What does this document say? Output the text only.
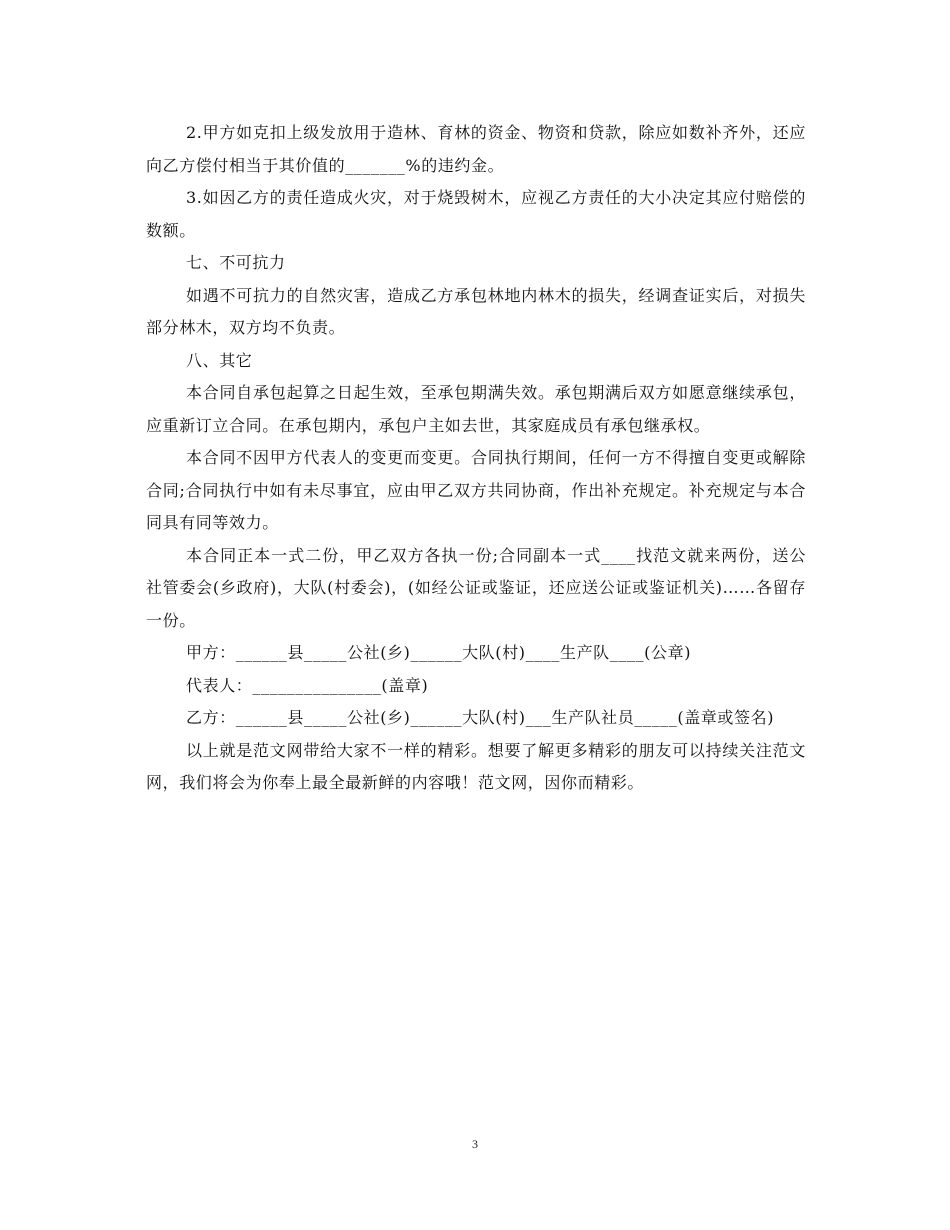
2.甲方如克扣上级发放用于造林、育林的资金、物资和贷款，除应如数补齐外，还应向乙方偿付相当于其价值的_______%的违约金。

3.如因乙方的责任造成火灾，对于烧毁树木，应视乙方责任的大小决定其应付赔偿的数额。

七、不可抗力

如遇不可抗力的自然灾害，造成乙方承包林地内林木的损失，经调查证实后，对损失部分林木，双方均不负责。

八、其它

本合同自承包起算之日起生效，至承包期满失效。承包期满后双方如愿意继续承包，应重新订立合同。在承包期内，承包户主如去世，其家庭成员有承包继承权。

本合同不因甲方代表人的变更而变更。合同执行期间，任何一方不得擅自变更或解除合同;合同执行中如有未尽事宜，应由甲乙双方共同协商，作出补充规定。补充规定与本合同具有同等效力。

本合同正本一式二份，甲乙双方各执一份;合同副本一式____找范文就来两份，送公社管委会(乡政府)，大队(村委会)，(如经公证或鉴证，还应送公证或鉴证机关)……各留存一份。

甲方：______县_____公社(乡)______大队(村)____生产队____(公章)

代表人：_______________(盖章)

乙方：______县_____公社(乡)______大队(村)___生产队社员_____(盖章或签名)

以上就是范文网带给大家不一样的精彩。想要了解更多精彩的朋友可以持续关注范文网，我们将会为你奉上最全最新鲜的内容哦！范文网，因你而精彩。

3
